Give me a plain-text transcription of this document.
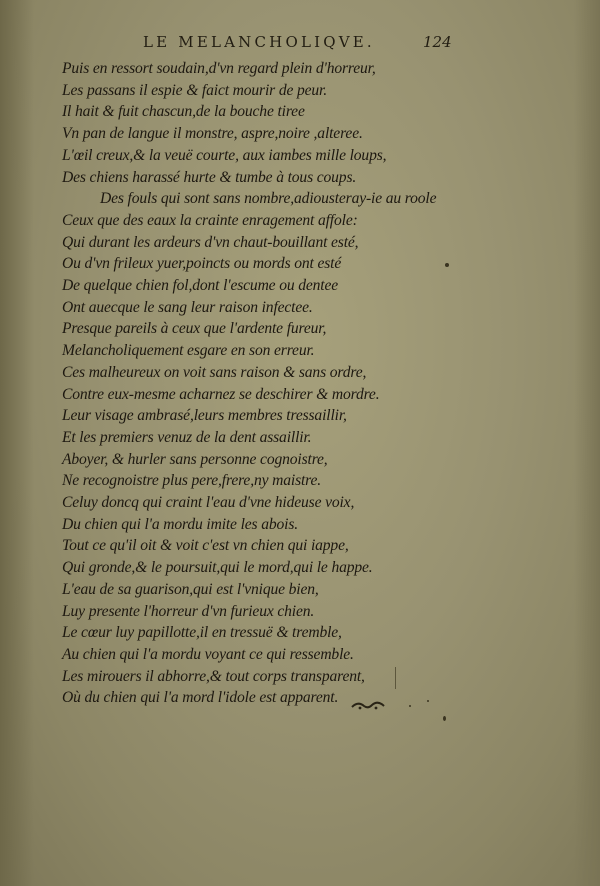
LE MELANCHOLIQVE.	124
Puis en ressort soudain,d'vn regard plein d'horreur,
Les passans il espie & faict mourir de peur.
Il hait & fuit chascun,de la bouche tiree
Vn pan de langue il monstre, aspre,noire ,alteree.
L'œil creux,& la veuë courte, aux iambes mille loups,
Des chiens harassé hurte & tumbe à tous coups.
Des fouls qui sont sans nombre,adiousteray-ie au roole
Ceux que des eaux la crainte enragement affole:
Qui durant les ardeurs d'vn chaut-bouillant esté,
Ou d'vn frileux yuer,poincts ou mords ont esté
De quelque chien fol,dont l'escume ou dentee
Ont auecque le sang leur raison infectee.
Presque pareils à ceux que l'ardente fureur,
Melancholiquement esgare en son erreur.
Ces malheureux on voit sans raison & sans ordre,
Contre eux-mesme acharnez se deschirer & mordre.
Leur visage ambrasé,leurs membres tressaillir,
Et les premiers venuz de la dent assaillir.
Aboyer, & hurler sans personne cognoistre,
Ne recognoistre plus pere,frere,ny maistre.
Celuy doncq qui craint l'eau d'vne hideuse voix,
Du chien qui l'a mordu imite les abois.
Tout ce qu'il oit & voit c'est vn chien qui iappe,
Qui gronde,& le poursuit,qui le mord,qui le happe.
L'eau de sa guarison,qui est l'vnique bien,
Luy presente l'horreur d'vn furieux chien.
Le cœur luy papillotte,il en tressuë & tremble,
Au chien qui l'a mordu voyant ce qui ressemble.
Les mirouers il abhorre,& tout corps transparent,
Où du chien qui l'a mord l'idole est apparent.
